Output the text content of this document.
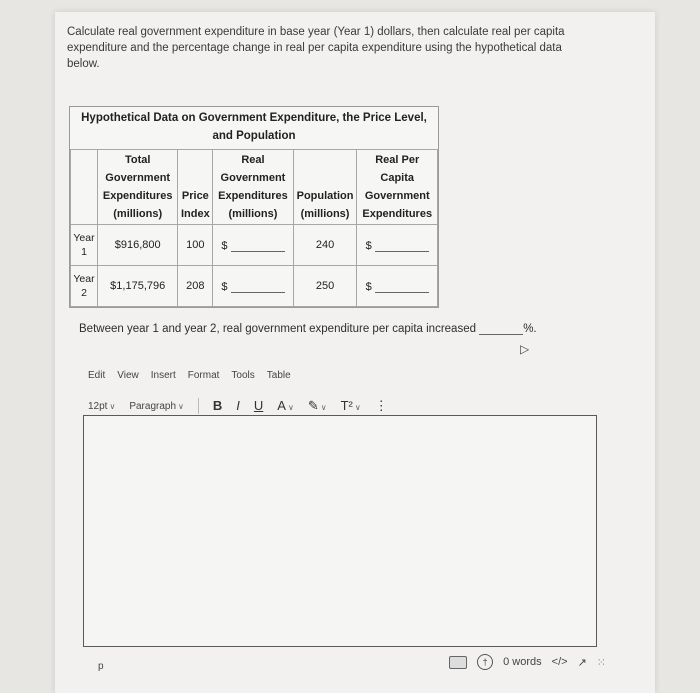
Calculate real government expenditure in base year (Year 1) dollars, then calculate real per capita expenditure and the percentage change in real per capita expenditure using the hypothetical data below.
Hypothetical Data on Government Expenditure, the Price Level, and Population
	Total Government Expenditures (millions)	Price Index	Real Government Expenditures (millions)	Population (millions)	Real Per Capita Government Expenditures
Year 1	$916,800	100	$	240	$
Year 2	$1,175,796	208	$	250	$
Between year 1 and year 2, real government expenditure per capita increased	%.
▷
Edit View Insert Format Tools Table
12pt ∨ Paragraph ∨ B I U A ∨ ✎ ∨ T² ∨ ⋮
p	†	0 words </> ↗ ⁙
